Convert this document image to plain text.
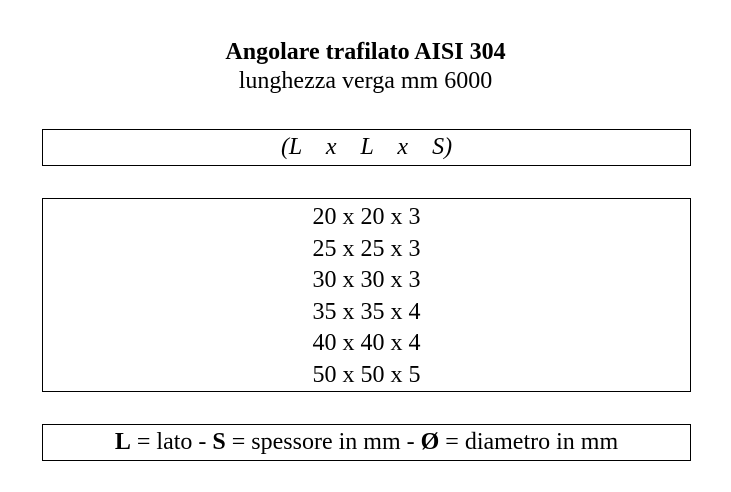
Angolare trafilato AISI 304
lunghezza verga mm 6000
(L  x  L  x  S)
20 x 20 x 3
25 x 25 x 3
30 x 30 x 3
35 x 35 x 4
40 x 40 x 4
50 x 50 x 5
L = lato - S = spessore in mm - Ø = diametro in mm
